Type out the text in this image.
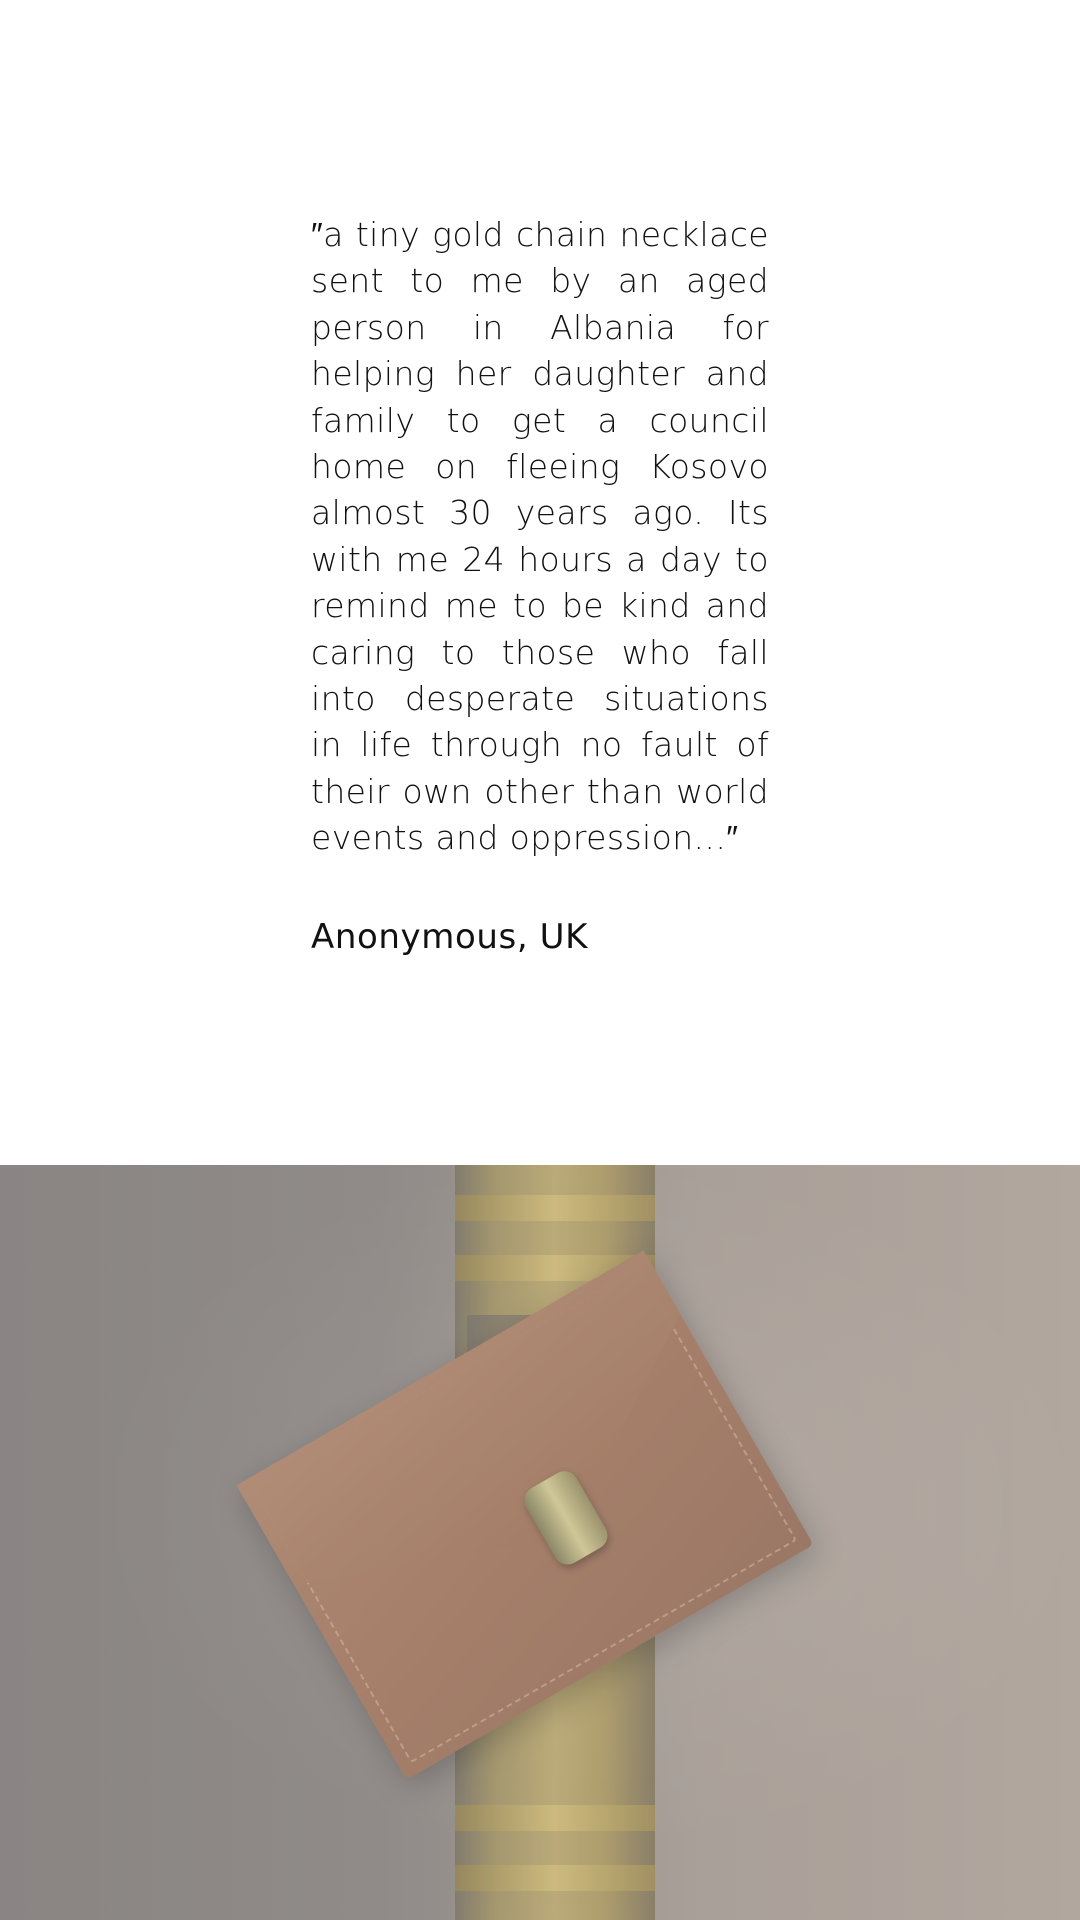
″a tiny gold chain necklace sent to me by an aged person in Albania for helping her daughter and family to get a council home on fleeing Kosovo almost 30 years ago. Its with me 24 hours a day to remind me to be kind and caring to those who fall into desperate situations in life through no fault of their own other than world events and oppression...″

Anonymous, UK
